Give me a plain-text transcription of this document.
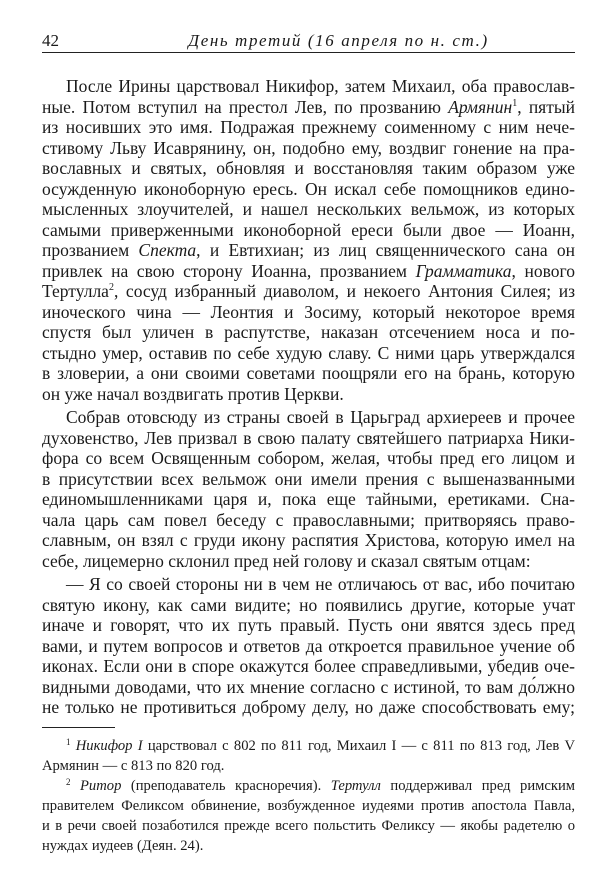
42	День третий (16 апреля по н. ст.)
После Ирины царствовал Никифор, затем Михаил, оба православ-
ные. Потом вступил на престол Лев, по прозванию Армянин$^1$, пятый
из носивших это имя. Подражая прежнему соименному с ним нече-
стивому Льву Исаврянину, он, подобно ему, воздвиг гонение на пра-
вославных и святых, обновляя и восстановляя таким образом уже
осужденную иконоборную ересь. Он искал себе помощников едино-
мысленных злоучителей, и нашел нескольких вельмож, из которых
самыми приверженными иконоборной ереси были двое — Иоанн,
прозванием Спекта, и Евтихиан; из лиц священнического сана он
привлек на свою сторону Иоанна, прозванием Грамматика, нового
Тертулла$^2$, сосуд избранный диаволом, и некоего Антония Силея; из
иноческого чина — Леонтия и Зосиму, который некоторое время
спустя был уличен в распутстве, наказан отсечением носа и по-
стыдно умер, оставив по себе худую славу. С ними царь утверждался
в зловерии, а они своими советами поощряли его на брань, которую
он уже начал воздвигать против Церкви.
Собрав отовсюду из страны своей в Царьград архиереев и прочее
духовенство, Лев призвал в свою палату святейшего патриарха Ники-
фора со всем Освященным собором, желая, чтобы пред его лицом и
в присутствии всех вельмож они имели прения с вышеназванными
единомышленниками царя и, пока еще тайными, еретиками. Сна-
чала царь сам повел беседу с православными; притворяясь право-
славным, он взял с груди икону распятия Христова, которую имел на
себе, лицемерно склонил пред ней голову и сказал святым отцам:
— Я со своей стороны ни в чем не отличаюсь от вас, ибо почитаю
святую икону, как сами видите; но появились другие, которые учат
иначе и говорят, что их путь правый. Пусть они явятся здесь пред
вами, и путем вопросов и ответов да откроется правильное учение об
иконах. Если они в споре окажутся более справедливыми, убедив оче-
видными доводами, что их мнение согласно с истиной, то вам до́лжно
не только не противиться доброму делу, но даже способствовать ему;
$^1$ Никифор I царствовал с 802 по 811 год, Михаил I — с 811 по 813 год, Лев V
Армянин — с 813 по 820 год.
$^2$ Ритор (преподаватель красноречия). Тертулл поддерживал пред римским
правителем Феликсом обвинение, возбужденное иудеями против апостола Павла,
и в речи своей позаботился прежде всего польстить Феликсу — якобы радетелю о
нуждах иудеев (Деян. 24).
